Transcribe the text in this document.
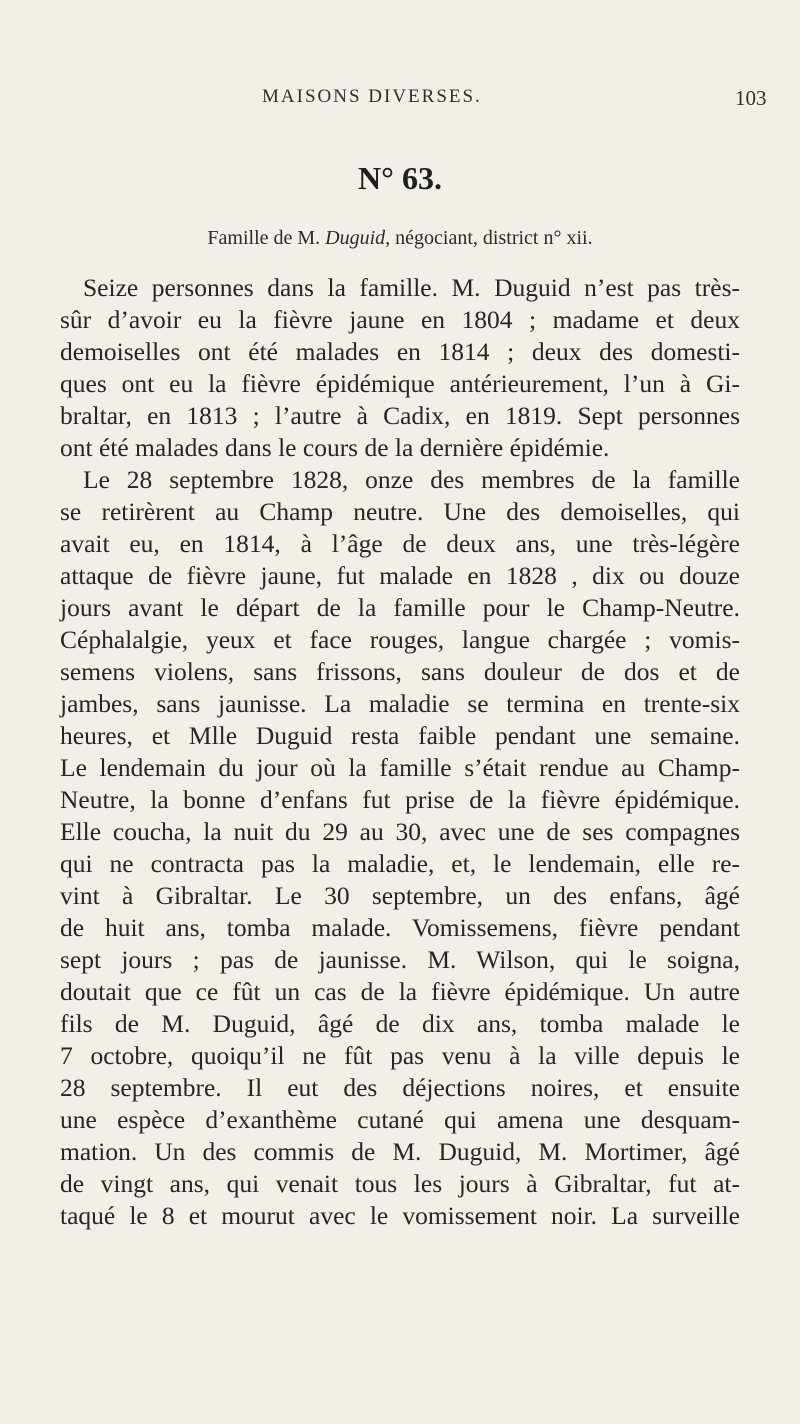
MAISONS DIVERSES.	103
N° 63.
Famille de M. Duguid, négociant, district n° xii.
Seize personnes dans la famille. M. Duguid n’est pas très-
sûr d’avoir eu la fièvre jaune en 1804 ; madame et deux
demoiselles ont été malades en 1814 ; deux des domesti-
ques ont eu la fièvre épidémique antérieurement, l’un à Gi-
braltar, en 1813 ; l’autre à Cadix, en 1819. Sept personnes
ont été malades dans le cours de la dernière épidémie.
Le 28 septembre 1828, onze des membres de la famille
se retirèrent au Champ neutre. Une des demoiselles, qui
avait eu, en 1814, à l’âge de deux ans, une très-légère
attaque de fièvre jaune, fut malade en 1828 , dix ou douze
jours avant le départ de la famille pour le Champ-Neutre.
Céphalalgie, yeux et face rouges, langue chargée ; vomis-
semens violens, sans frissons, sans douleur de dos et de
jambes, sans jaunisse. La maladie se termina en trente-six
heures, et Mlle Duguid resta faible pendant une semaine.
Le lendemain du jour où la famille s’était rendue au Champ-
Neutre, la bonne d’enfans fut prise de la fièvre épidémique.
Elle coucha, la nuit du 29 au 30, avec une de ses compagnes
qui ne contracta pas la maladie, et, le lendemain, elle re-
vint à Gibraltar. Le 30 septembre, un des enfans, âgé
de huit ans, tomba malade. Vomissemens, fièvre pendant
sept jours ; pas de jaunisse. M. Wilson, qui le soigna,
doutait que ce fût un cas de la fièvre épidémique. Un autre
fils de M. Duguid, âgé de dix ans, tomba malade le
7 octobre, quoiqu’il ne fût pas venu à la ville depuis le
28 septembre. Il eut des déjections noires, et ensuite
une espèce d’exanthème cutané qui amena une desquam-
mation. Un des commis de M. Duguid, M. Mortimer, âgé
de vingt ans, qui venait tous les jours à Gibraltar, fut at-
taqué le 8 et mourut avec le vomissement noir. La surveille
